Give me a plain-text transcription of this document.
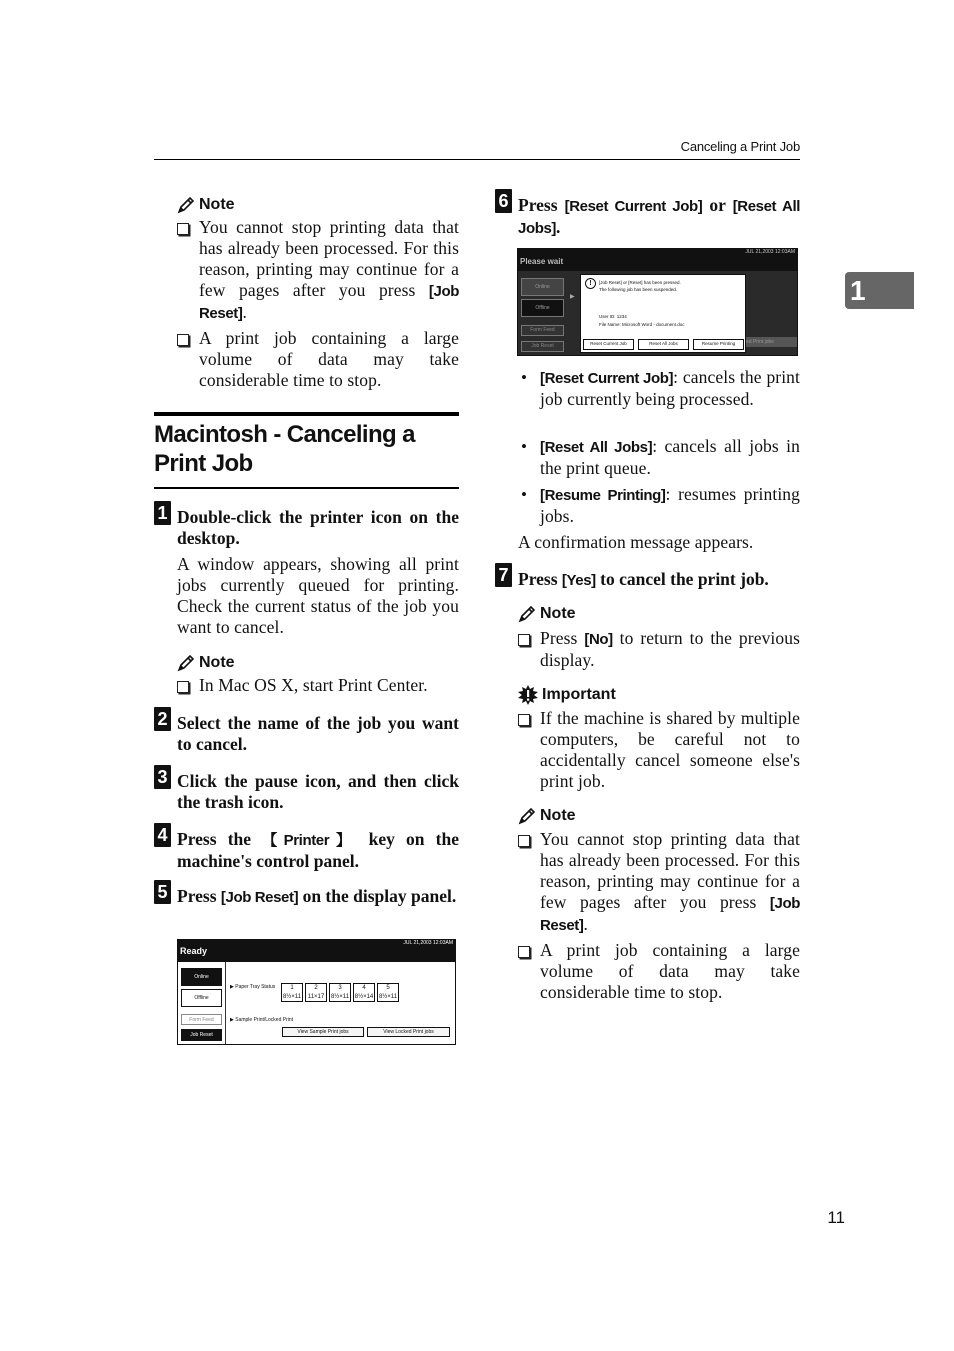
Canceling a Print Job
1
Note
You cannot stop printing data that has already been processed. For this reason, printing may continue for a few pages after you press [Job Reset].
A print job containing a large volume of data may take considerable time to stop.
Macintosh - Canceling a Print Job
1 Double-click the printer icon on the desktop.
A window appears, showing all print jobs currently queued for printing. Check the current status of the job you want to cancel.
Note
In Mac OS X, start Print Center.
2 Select the name of the job you want to cancel.
3 Click the pause icon, and then click the trash icon.
4 Press the 【Printer】 key on the machine's control panel.
5 Press [Job Reset] on the display panel.
Ready
JUL 21,2003 12:03AM
Online
Offline
Form Feed
Job Reset
▶ Paper Tray Status	1
8½×11
2
11×17
3
8½×11
4
8½×14
5
8½×11
▶ Sample Print/Locked Print
View Sample Print jobs	View Locked Print jobs
6 Press [Reset Current Job] or [Reset All Jobs].
Please wait
JUL 21,2003 12:03AM
Online
Offline
Form Feed
Job Reset
▶
ed Print jobs
!	[Job Reset] or [Reset] has been pressed.
The following job has been suspended.
User ID: 1234
File Name: Microsoft Word - document.doc
Reset Current Job	Reset All Jobs	Resume Printing
• [Reset Current Job]: cancels the print job currently being processed.
• [Reset All Jobs]: cancels all jobs in the print queue.
• [Resume Printing]: resumes printing jobs.
A confirmation message appears.
7 Press [Yes] to cancel the print job.
Note
Press [No] to return to the previous display.
Important
If the machine is shared by multiple computers, be careful not to accidentally cancel someone else's print job.
Note
You cannot stop printing data that has already been processed. For this reason, printing may continue for a few pages after you press [Job Reset].
A print job containing a large volume of data may take considerable time to stop.
11
